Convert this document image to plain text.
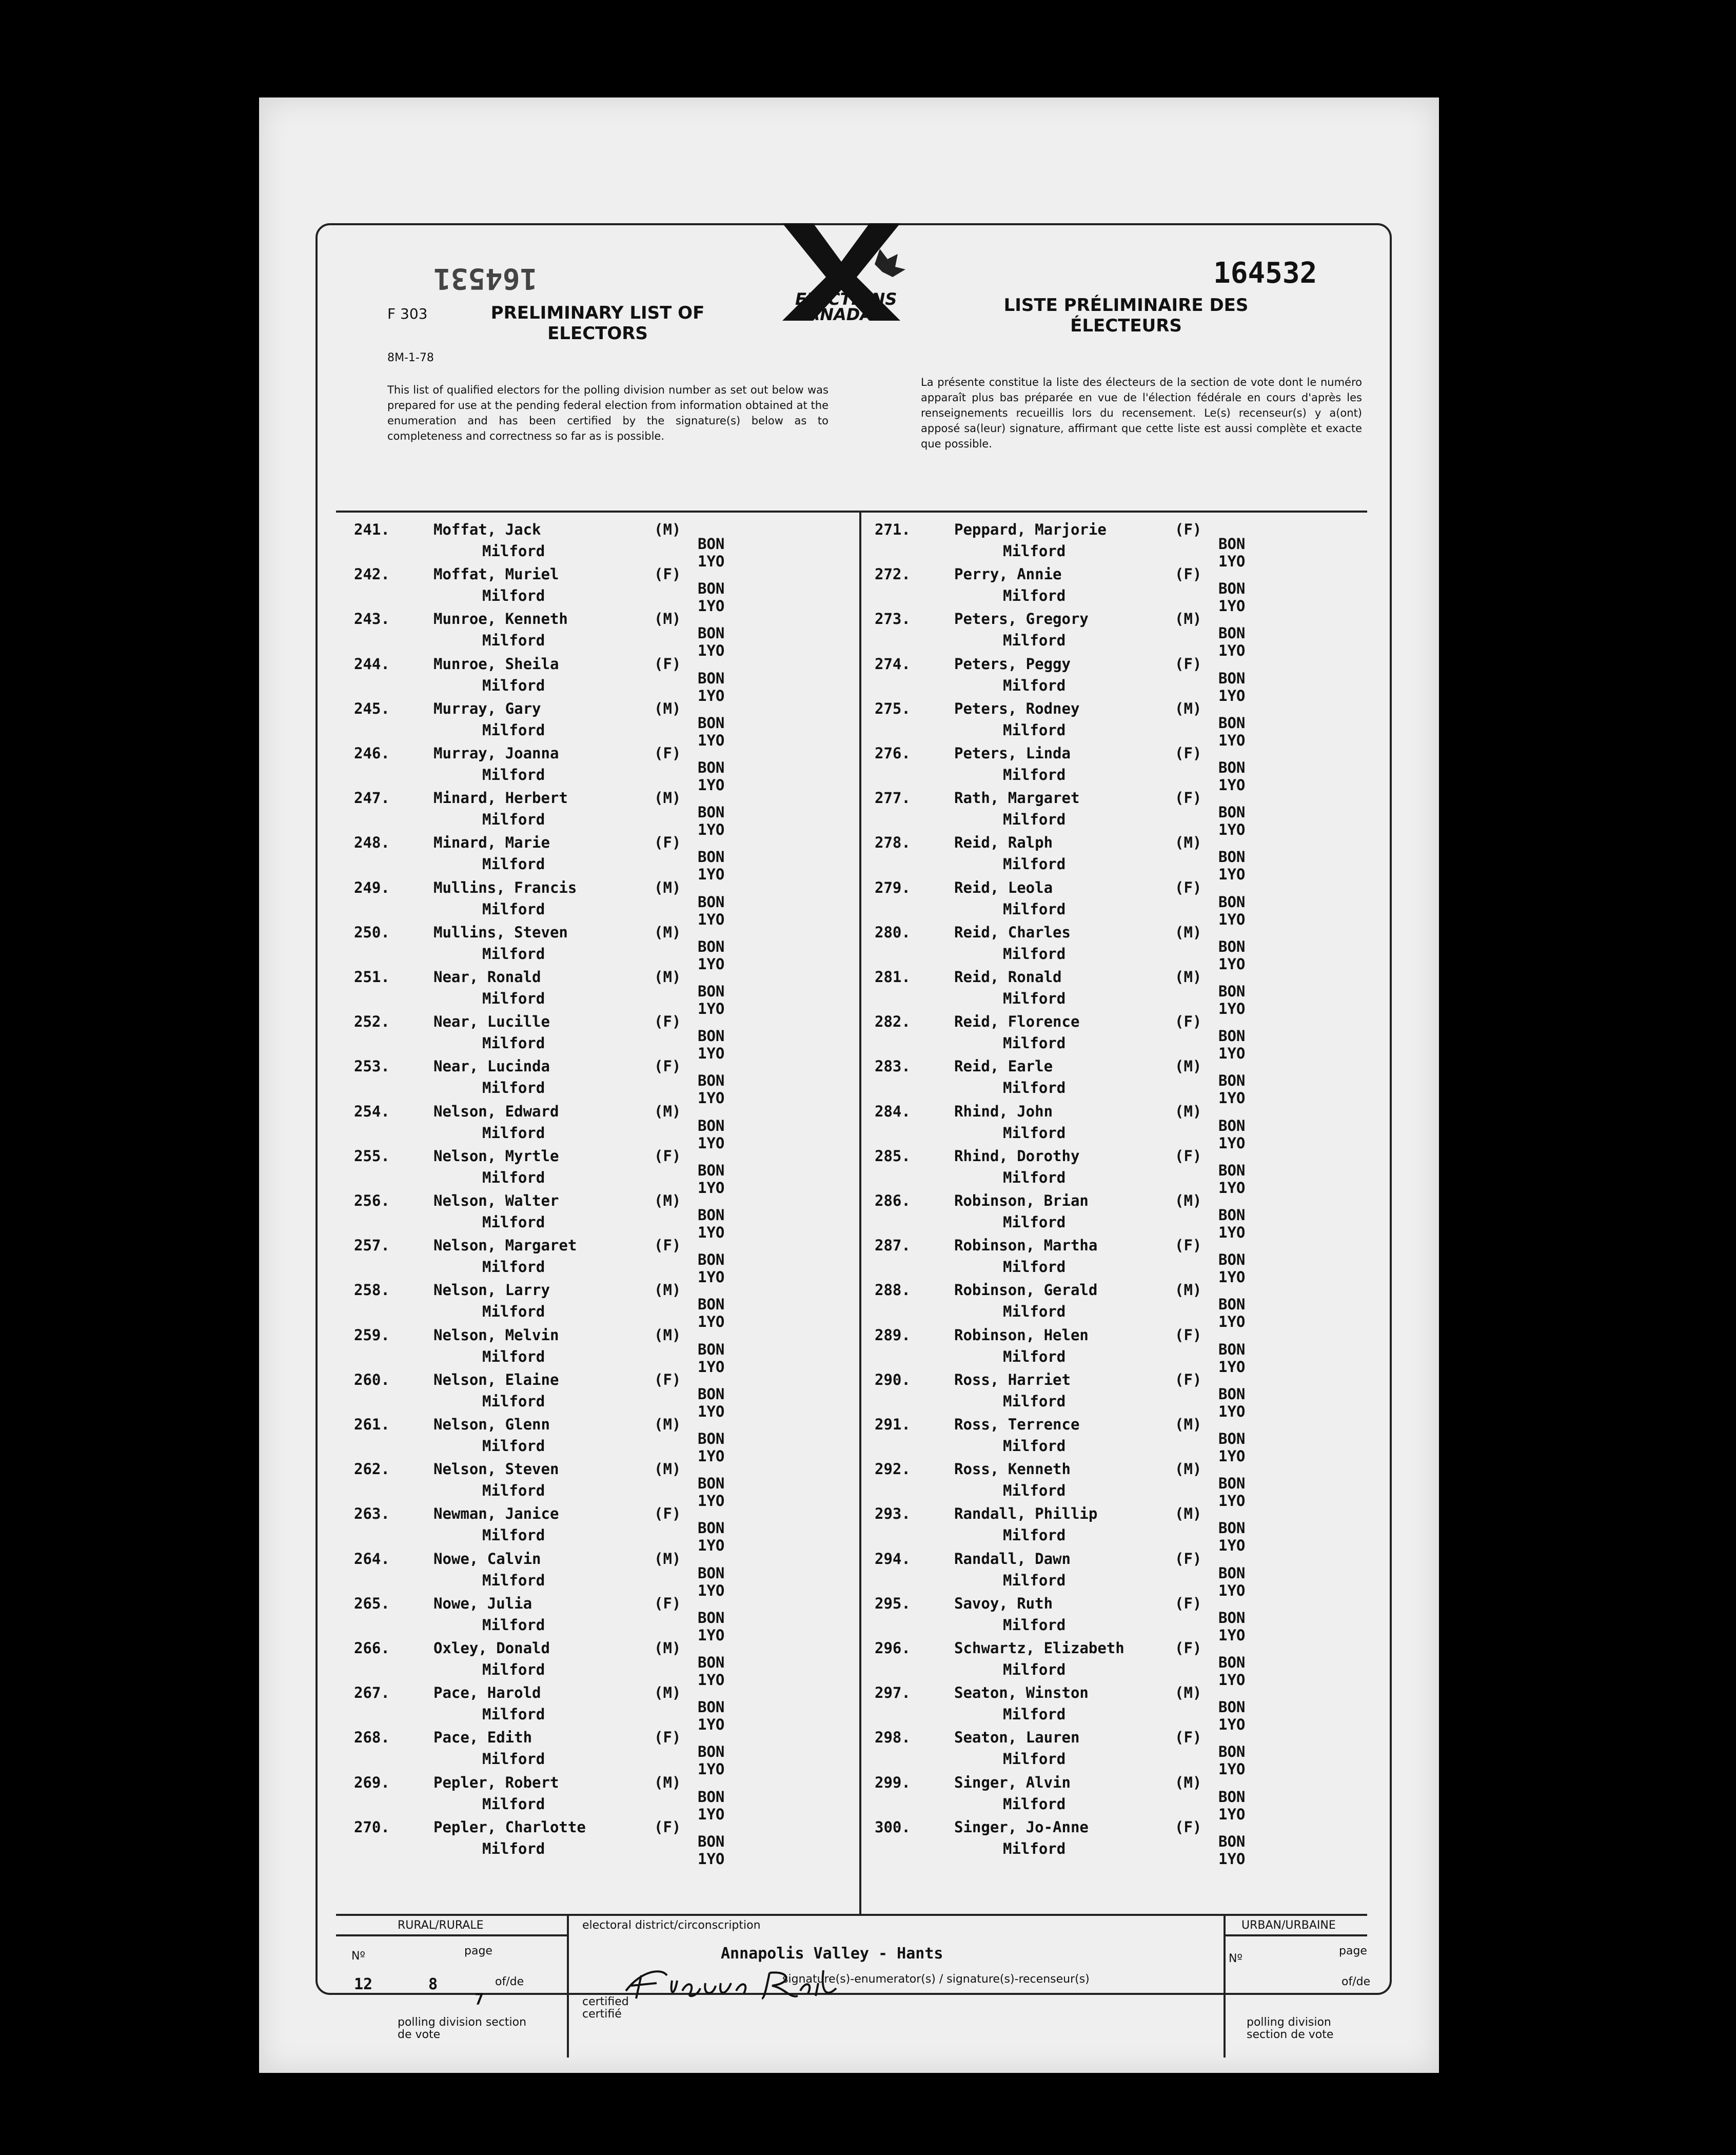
164531	164532
F 303
8M-1-78
PRELIMINARY LIST OF
ELECTORS
LISTE PRÉLIMINAIRE DES
ÉLECTEURS
ELECTIONS
CANADA
This list of qualified electors for the polling division number as set out below was prepared for use at the pending federal election from information obtained at the enumeration and has been certified by the signature(s) below as to completeness and correctness so far as is possible.
La présente constitue la liste des électeurs de la section de vote dont le numéro apparaît plus bas préparée en vue de l'élection fédérale en cours d'après les renseignements recueillis lors du recensement. Le(s) recenseur(s) y a(ont) apposé sa(leur) signature, affirmant que cette liste est aussi complète et exacte que possible.
241.	Moffat, Jack
Milford
(M)
BON 1YO
242.	Moffat, Muriel
Milford
(F)
BON 1YO
243.	Munroe, Kenneth
Milford
(M)
BON 1YO
244.	Munroe, Sheila
Milford
(F)
BON 1YO
245.	Murray, Gary
Milford
(M)
BON 1YO
246.	Murray, Joanna
Milford
(F)
BON 1YO
247.	Minard, Herbert
Milford
(M)
BON 1YO
248.	Minard, Marie
Milford
(F)
BON 1YO
249.	Mullins, Francis
Milford
(M)
BON 1YO
250.	Mullins, Steven
Milford
(M)
BON 1YO
251.	Near, Ronald
Milford
(M)
BON 1YO
252.	Near, Lucille
Milford
(F)
BON 1YO
253.	Near, Lucinda
Milford
(F)
BON 1YO
254.	Nelson, Edward
Milford
(M)
BON 1YO
255.	Nelson, Myrtle
Milford
(F)
BON 1YO
256.	Nelson, Walter
Milford
(M)
BON 1YO
257.	Nelson, Margaret
Milford
(F)
BON 1YO
258.	Nelson, Larry
Milford
(M)
BON 1YO
259.	Nelson, Melvin
Milford
(M)
BON 1YO
260.	Nelson, Elaine
Milford
(F)
BON 1YO
261.	Nelson, Glenn
Milford
(M)
BON 1YO
262.	Nelson, Steven
Milford
(M)
BON 1YO
263.	Newman, Janice
Milford
(F)
BON 1YO
264.	Nowe, Calvin
Milford
(M)
BON 1YO
265.	Nowe, Julia
Milford
(F)
BON 1YO
266.	Oxley, Donald
Milford
(M)
BON 1YO
267.	Pace, Harold
Milford
(M)
BON 1YO
268.	Pace, Edith
Milford
(F)
BON 1YO
269.	Pepler, Robert
Milford
(M)
BON 1YO
270.	Pepler, Charlotte
Milford
(F)
BON 1YO
271.	Peppard, Marjorie
Milford
(F)
BON 1YO
272.	Perry, Annie
Milford
(F)
BON 1YO
273.	Peters, Gregory
Milford
(M)
BON 1YO
274.	Peters, Peggy
Milford
(F)
BON 1YO
275.	Peters, Rodney
Milford
(M)
BON 1YO
276.	Peters, Linda
Milford
(F)
BON 1YO
277.	Rath, Margaret
Milford
(F)
BON 1YO
278.	Reid, Ralph
Milford
(M)
BON 1YO
279.	Reid, Leola
Milford
(F)
BON 1YO
280.	Reid, Charles
Milford
(M)
BON 1YO
281.	Reid, Ronald
Milford
(M)
BON 1YO
282.	Reid, Florence
Milford
(F)
BON 1YO
283.	Reid, Earle
Milford
(M)
BON 1YO
284.	Rhind, John
Milford
(M)
BON 1YO
285.	Rhind, Dorothy
Milford
(F)
BON 1YO
286.	Robinson, Brian
Milford
(M)
BON 1YO
287.	Robinson, Martha
Milford
(F)
BON 1YO
288.	Robinson, Gerald
Milford
(M)
BON 1YO
289.	Robinson, Helen
Milford
(F)
BON 1YO
290.	Ross, Harriet
Milford
(F)
BON 1YO
291.	Ross, Terrence
Milford
(M)
BON 1YO
292.	Ross, Kenneth
Milford
(M)
BON 1YO
293.	Randall, Phillip
Milford
(M)
BON 1YO
294.	Randall, Dawn
Milford
(F)
BON 1YO
295.	Savoy, Ruth
Milford
(F)
BON 1YO
296.	Schwartz, Elizabeth
Milford
(F)
BON 1YO
297.	Seaton, Winston
Milford
(M)
BON 1YO
298.	Seaton, Lauren
Milford
(F)
BON 1YO
299.	Singer, Alvin
Milford
(M)
BON 1YO
300.	Singer, Jo-Anne
Milford
(F)
BON 1YO
RURAL/RURALE	URBAN/URBAINE
electoral district/circonscription
Annapolis Valley - Hants
Nº	page
of/de
12	8
7
polling division section de vote
certified certifié
signature(s)-enumerator(s) / signature(s)-recenseur(s)
Nº
page
of/de
polling division section de vote
